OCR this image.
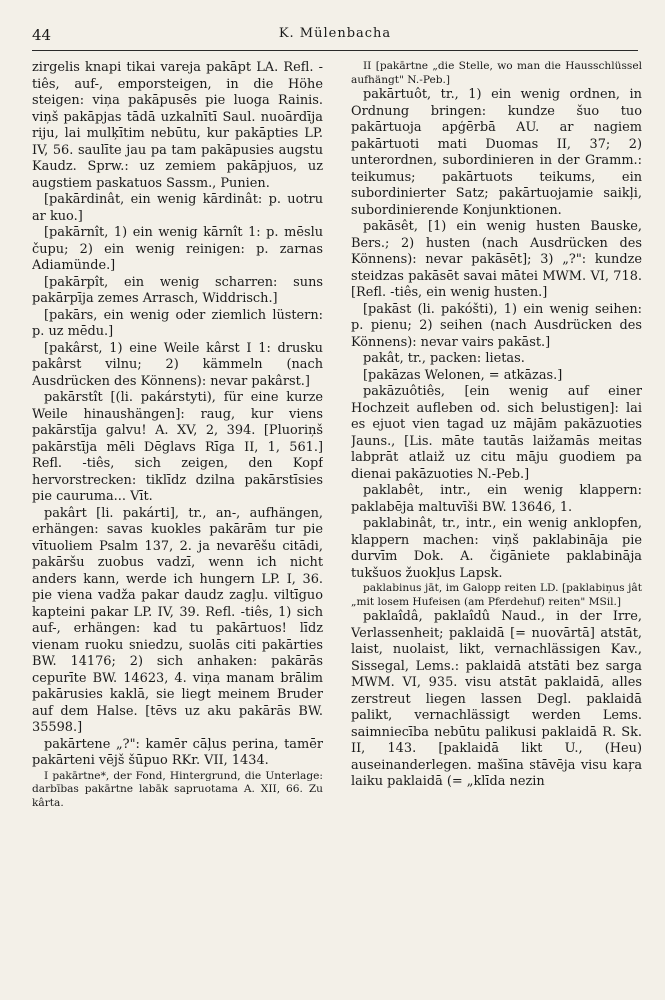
44	K. Mülenbacha

zirgelis knapi tikai vareja pakāpt LA. Refl. -tiês, auf-, emporsteigen, in die Höhe steigen: viņa pakāpusēs pie luoga Rainis. viņš pakāpjas tādā uzkalnītī Saul. nuoārdīja riju, lai mulķītim nebūtu, kur pakāpties LP. IV, 56. saulīte jau pa tam pakāpusies augstu Kaudz. Sprw.: uz zemiem pakāpjuos, uz augstiem paskatuos Sassm., Punien.

[pakārdinât, ein wenig kārdinât: p. uotru ar kuo.]

[pakārnît, 1) ein wenig kārnît 1: p. mēslu čupu; 2) ein wenig reinigen: p. zarnas Adiamünde.]

[pakārpît, ein wenig scharren: suns pakārpīja zemes Arrasch, Widdrisch.]

[pakārs, ein wenig oder ziemlich lüstern: p. uz mēdu.]

[pakârst, 1) eine Weile kârst I 1: drusku pakârst vilnu; 2) kämmeln (nach Ausdrücken des Könnens): nevar pakârst.]

pakārstît [(li. pakárstyti), für eine kurze Weile hinaushängen]: raug, kur viens pakārstīja galvu! A. XV, 2, 394. [Pluoriņš pakārstīja mēli Dēglavs Rīga II, 1, 561.] Refl. -tiês, sich zeigen, den Kopf hervorstrecken: tiklīdz dzilna pakārstīsies pie cauruma... Vīt.

pakârt [li. pakárti], tr., an-, aufhängen, erhängen: savas kuokles pakārām tur pie vītuoliem Psalm 137, 2. ja nevarēšu citādi, pakāršu zuobus vadzī, wenn ich nicht anders kann, werde ich hungern LP. I, 36. pie viena vadža pakar daudz zagļu. viltīguo kapteini pakar LP. IV, 39. Refl. -tiês, 1) sich auf-, erhängen: kad tu pakārtuos! līdz vienam ruoku sniedzu, suolās citi pakārties BW. 14176; 2) sich anhaken: pakārās cepurīte BW. 14623, 4. viņa manam brālim pakārusies kaklā, sie liegt meinem Bruder auf dem Halse. [tēvs uz aku pakārās BW. 35598.]

pakārtene „?": kamēr cāļus perina, tamēr pakārteni vējš šūpuo RKr. VII, 1434.

I pakārtne*, der Fond, Hintergrund, die Unterlage: darbības pakārtne labāk sapruotama A. XII, 66. Zu kârta.

II [pakārtne „die Stelle, wo man die Hausschlüssel aufhängt" N.-Peb.]

pakārtuôt, tr., 1) ein wenig ordnen, in Ordnung bringen: kundze šuo tuo pakārtuoja apģērbā AU. ar nagiem pakārtuoti mati Duomas II, 37; 2) unterordnen, subordinieren in der Gramm.: teikumus; pakārtuots teikums, ein subordinierter Satz; pakārtuojamie saikļi, subordinierende Konjunktionen.

pakāsêt, [1) ein wenig husten Bauske, Bers.; 2) husten (nach Ausdrücken des Könnens): nevar pakāsēt]; 3) „?": kundze steidzas pakāsēt savai mātei MWM. VI, 718. [Refl. -tiês, ein wenig husten.]

[pakāst (li. pakóšti), 1) ein wenig seihen: p. pienu; 2) seihen (nach Ausdrücken des Könnens): nevar vairs pakāst.]

pakât, tr., packen: lietas.

[pakāzas Welonen, = atkāzas.]

pakāzuôtiês, [ein wenig auf einer Hochzeit aufleben od. sich belustigen]: lai es ejuot vien tagad uz mājām pakāzuoties Jauns., [Lis. māte tautās laižamās meitas labprāt atlaiž uz citu māju guodiem pa dienai pakāzuoties N.-Peb.]

paklabêt, intr., ein wenig klappern: paklabēja maltuvīši BW. 13646, 1.

paklabinât, tr., intr., ein wenig anklopfen, klappern machen: viņš paklabināja pie durvīm Dok. A. čigāniete paklabināja tukšuos žuokļus Lapsk.

paklabinus jāt, im Galopp reiten LD. [paklabiņus jât „mit losem Hufeisen (am Pferdehuf) reiten" MSil.]

paklaîdâ, paklaîdû Naud., in der Irre, Verlassenheit; paklaidā [= nuovārtā] atstāt, laist, nuolaist, likt, vernachlässigen Kav., Sissegal, Lems.: paklaidā atstāti bez sarga MWM. VI, 935. visu atstāt paklaidā, alles zerstreut liegen lassen Degl. paklaidā palikt, vernachlässigt werden Lems. saimniecība nebūtu palikusi paklaidā R. Sk. II, 143. [paklaidā likt U., (Heu) auseinanderlegen. mašīna stāvēja visu kaŗa laiku paklaidā (= „klīda nezin
